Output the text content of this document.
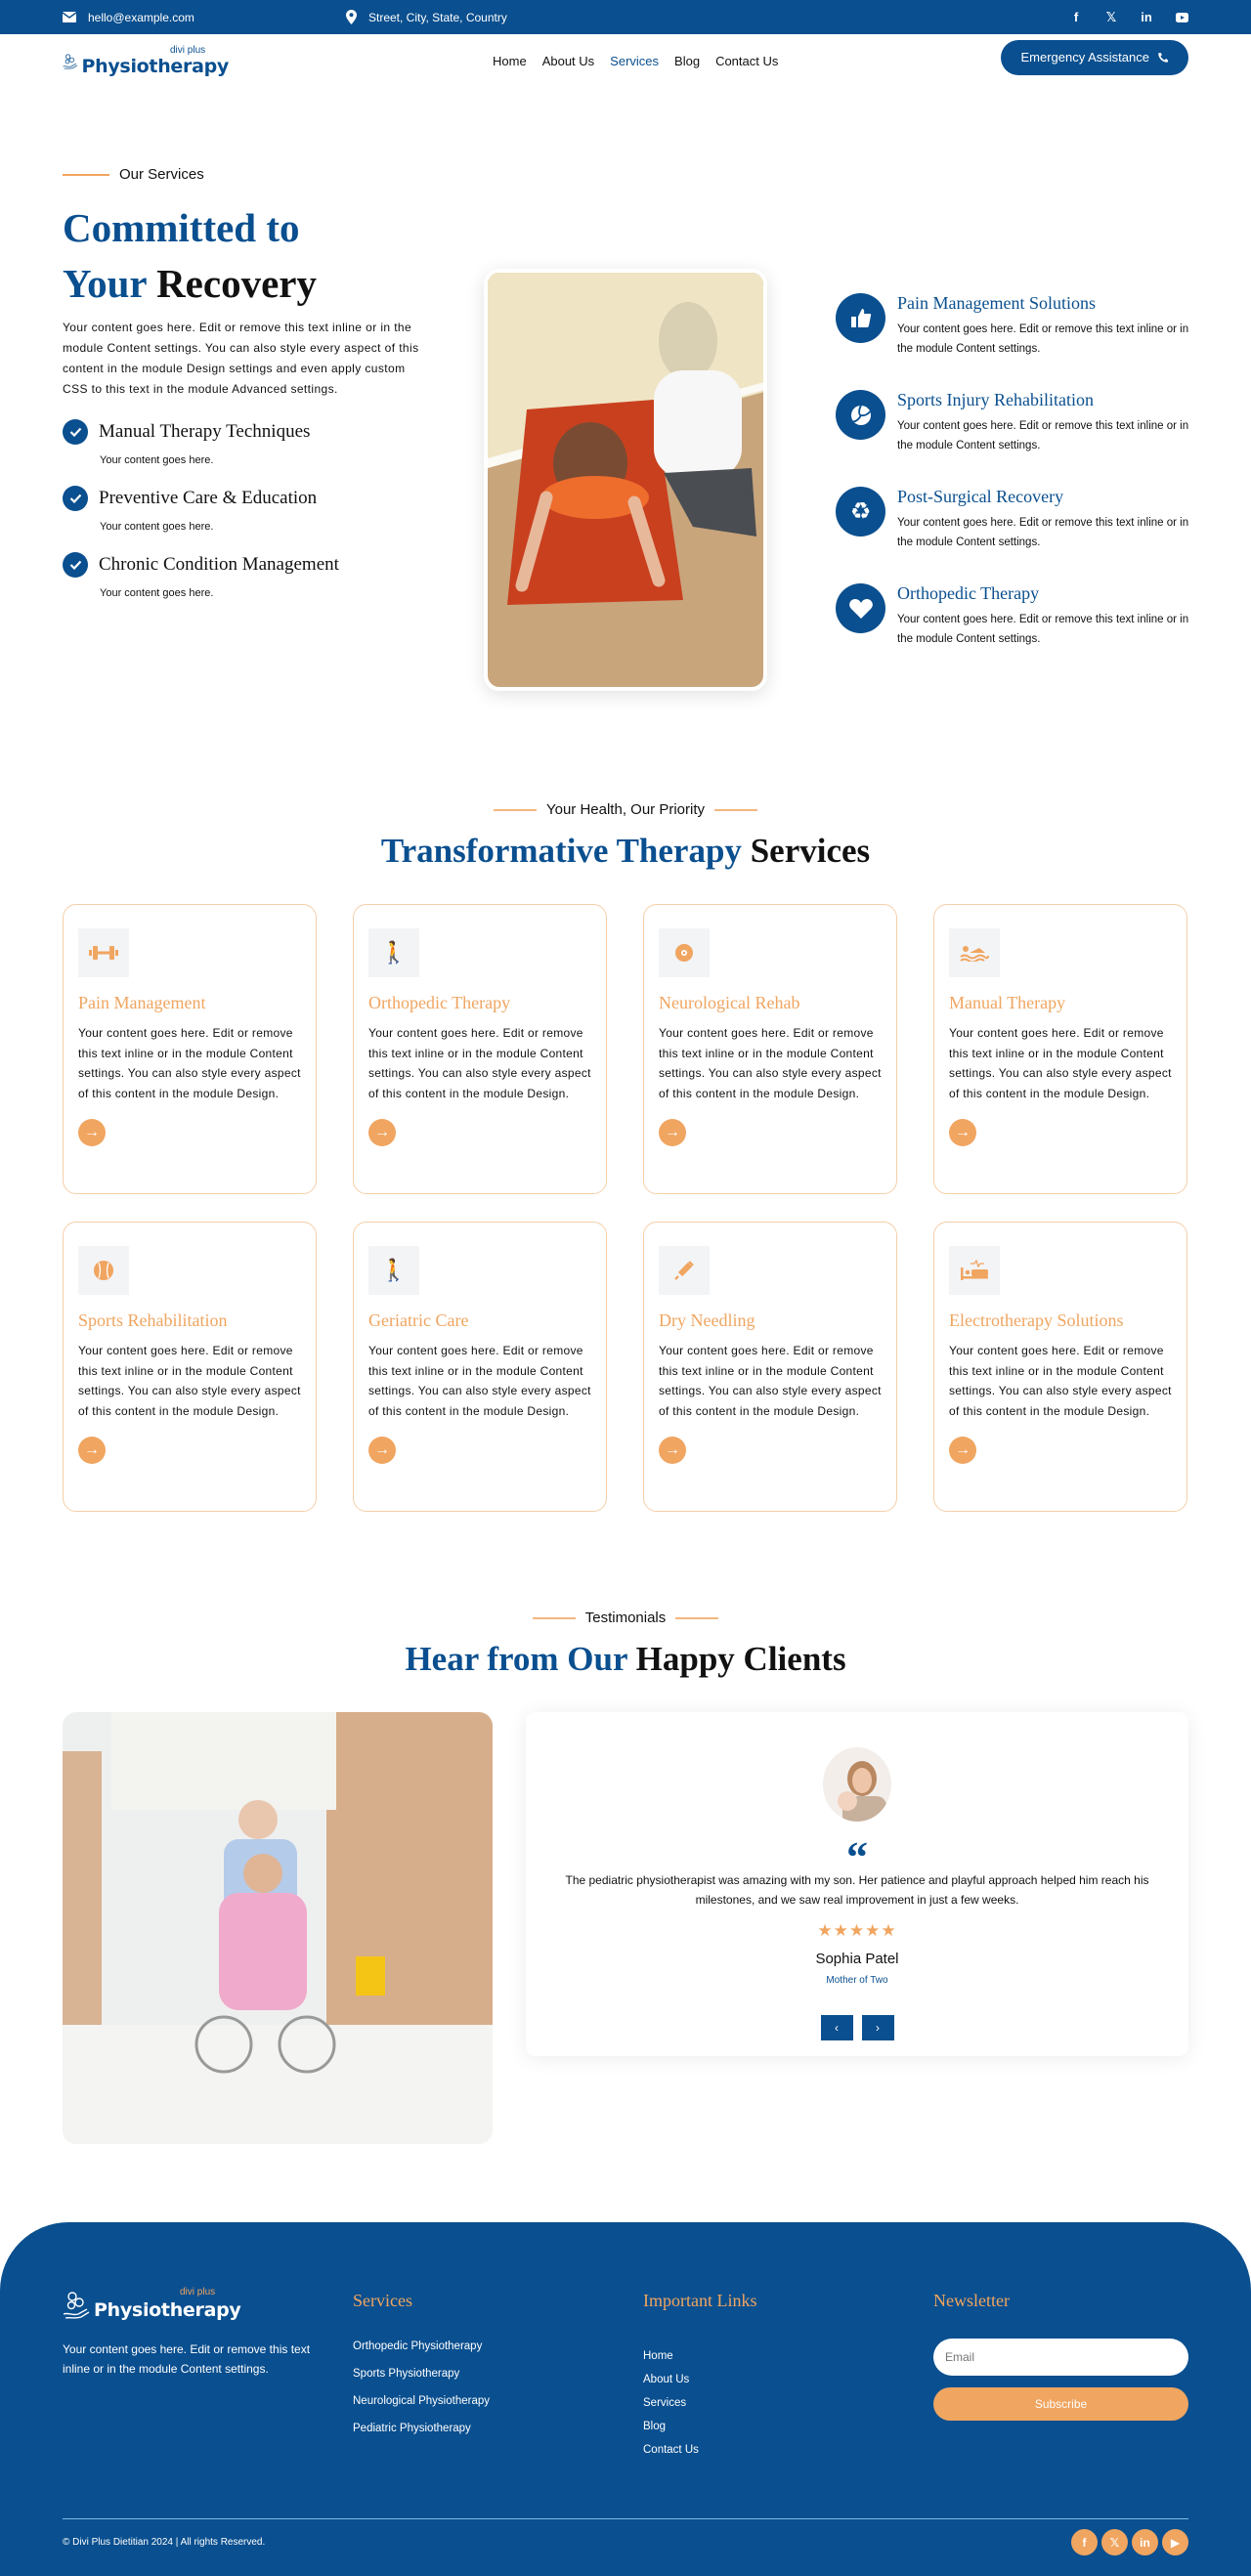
hello@example.com	Street, City, State, Country	f	𝕏 in
divi plus
Physiotherapy	Home About Us Services Blog Contact Us	Emergency Assistance
Our Services
Committed to
Your Recovery

Your content goes here. Edit or remove this text inline or in the module Content settings. You can also style every aspect of this content in the module Design settings and even apply custom CSS to this text in the module Advanced settings.

Manual Therapy Techniques
Your content goes here.
Preventive Care & Education
Your content goes here.
Chronic Condition Management
Your content goes here.
Pain Management Solutions
Your content goes here. Edit or remove this text inline or in the module Content settings.
Sports Injury Rehabilitation
Your content goes here. Edit or remove this text inline or in the module Content settings.
♻
Post-Surgical Recovery
Your content goes here. Edit or remove this text inline or in the module Content settings.
Orthopedic Therapy
Your content goes here. Edit or remove this text inline or in the module Content settings.
Your Health, Our Priority
Transformative Therapy Services
Pain Management
Your content goes here. Edit or remove this text inline or in the module Content settings. You can also style every aspect of this content in the module Design.
→
🚶
Orthopedic Therapy
Your content goes here. Edit or remove this text inline or in the module Content settings. You can also style every aspect of this content in the module Design.
→
Neurological Rehab
Your content goes here. Edit or remove this text inline or in the module Content settings. You can also style every aspect of this content in the module Design.
→
Manual Therapy
Your content goes here. Edit or remove this text inline or in the module Content settings. You can also style every aspect of this content in the module Design.
→
Sports Rehabilitation
Your content goes here. Edit or remove this text inline or in the module Content settings. You can also style every aspect of this content in the module Design.
→
🚶
Geriatric Care
Your content goes here. Edit or remove this text inline or in the module Content settings. You can also style every aspect of this content in the module Design.
→
Dry Needling
Your content goes here. Edit or remove this text inline or in the module Content settings. You can also style every aspect of this content in the module Design.
→
Electrotherapy Solutions
Your content goes here. Edit or remove this text inline or in the module Content settings. You can also style every aspect of this content in the module Design.
→
Testimonials
Hear from Our Happy Clients
“

The pediatric physiotherapist was amazing with my son. Her patience and playful approach helped him reach his milestones, and we saw real improvement in just a few weeks.

★★★★★
Sophia Patel
Mother of Two
‹	›
divi plus
Physiotherapy

Your content goes here. Edit or remove this text inline or in the module Content settings.

Services
Orthopedic Physiotherapy
Sports Physiotherapy
Neurological Physiotherapy
Pediatric Physiotherapy
Important Links
Home
About Us
Services
Blog
Contact Us
Newsletter
Email
Subscribe
© Divi Plus Dietitian 2024 | All rights Reserved.	f	𝕏	in	▶
